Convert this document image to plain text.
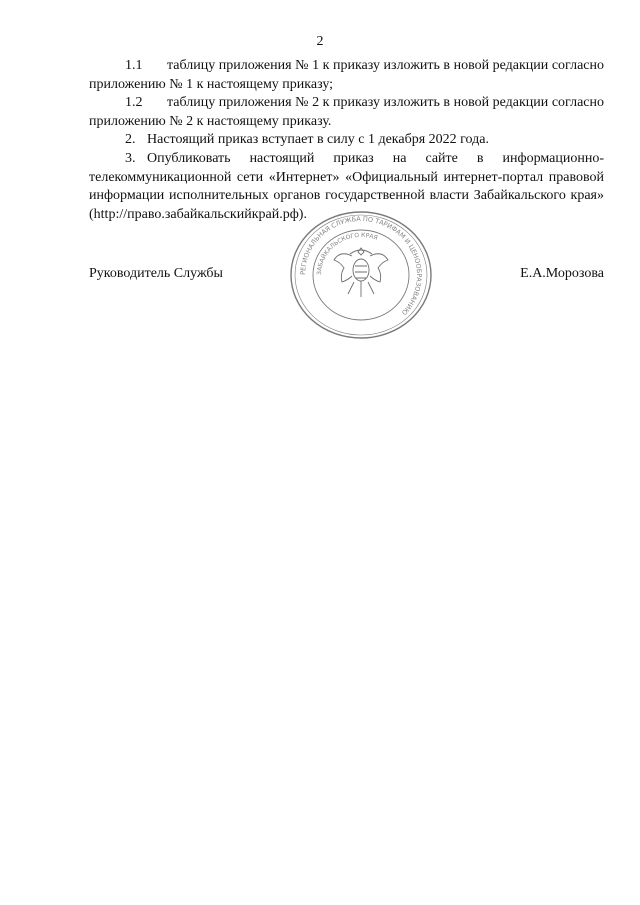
2
1.1 таблицу приложения № 1 к приказу изложить в новой редакции согласно приложению № 1 к настоящему приказу;
1.2 таблицу приложения № 2 к приказу изложить в новой редакции согласно приложению № 2 к настоящему приказу.
2. Настоящий приказ вступает в силу с 1 декабря 2022 года.
3. Опубликовать настоящий приказ на сайте в информационно-телекоммуникационной сети «Интернет» «Официальный интернет-портал правовой информации исполнительных органов государственной власти Забайкальского края» (http://право.забайкальскийкрай.рф).
РЕГИОНАЛЬНАЯ СЛУЖБА ПО ТАРИФАМ И ЦЕНООБРАЗОВАНИЮ
ЗАБАЙКАЛЬСКОГО КРАЯ
Руководитель Службы	Е.А.Морозова
